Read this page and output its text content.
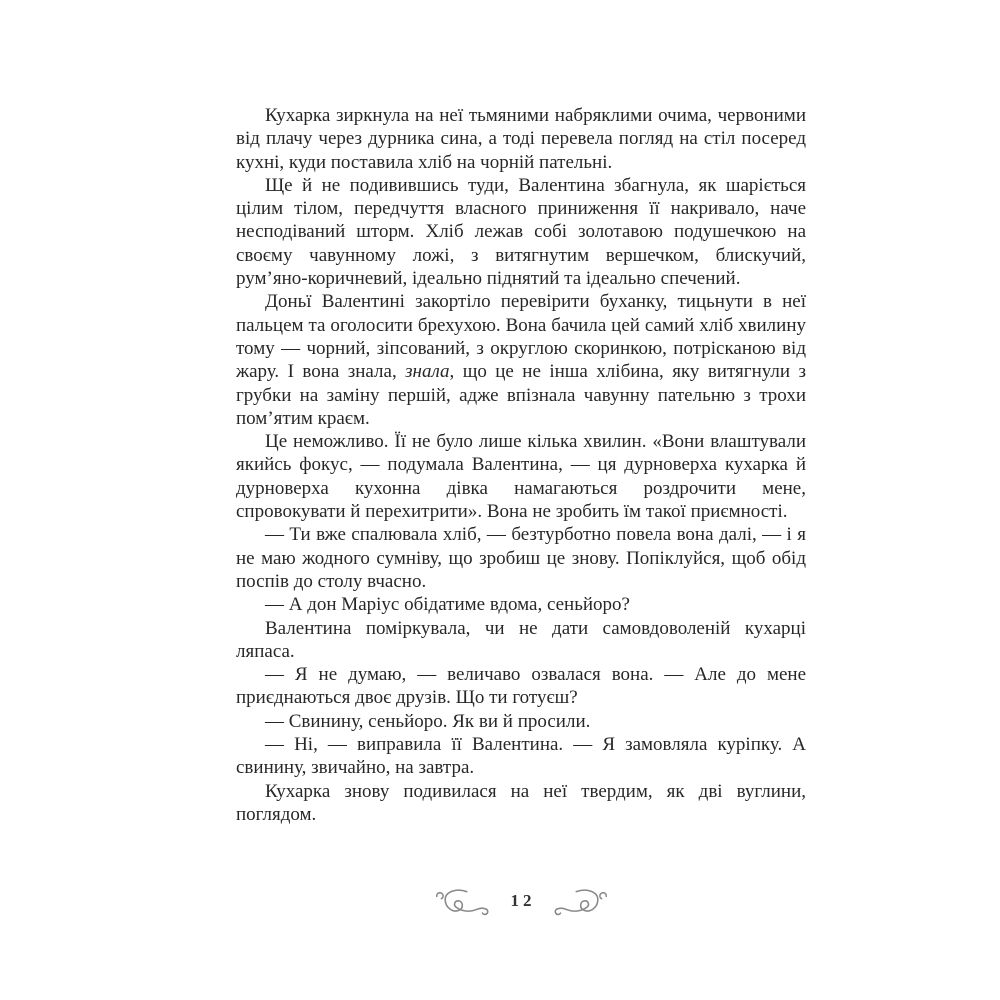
Кухарка зиркнула на неї тьмяними набряклими очима, червоними від плачу через дурника сина, а тоді перевела погляд на стіл посеред кухні, куди поставила хліб на чорній пательні.

Ще й не подивившись туди, Валентина збагнула, як шаріється цілим тілом, передчуття власного приниження її накривало, наче несподіваний шторм. Хліб лежав собі золотавою подушечкою на своєму чавунному ложі, з витягнутим вершечком, блискучий, рум’яно-коричневий, ідеально піднятий та ідеально спечений.

Доньї Валентині закортіло перевірити буханку, тицьнути в неї пальцем та оголосити брехухою. Вона бачила цей самий хліб хвилину тому — чорний, зіпсований, з округлою скоринкою, потрісканою від жару. І вона знала, знала, що це не інша хлібина, яку витягнули з грубки на заміну першій, адже впізнала чавунну пательню з трохи пом’ятим краєм.

Це неможливо. Її не було лише кілька хвилин. «Вони влаштували якийсь фокус, — подумала Валентина, — ця дурноверха кухарка й дурноверха кухонна дівка намагаються роздрочити мене, спровокувати й перехитрити». Вона не зробить їм такої приємності.

— Ти вже спалювала хліб, — безтурботно повела вона далі, — і я не маю жодного сумніву, що зробиш це знову. Попіклуйся, щоб обід поспів до столу вчасно.

— А дон Маріус обідатиме вдома, сеньйоро?

Валентина поміркувала, чи не дати самовдоволеній кухарці ляпаса.

— Я не думаю, — величаво озвалася вона. — Але до мене приєднаються двоє друзів. Що ти готуєш?

— Свинину, сеньйоро. Як ви й просили.

— Ні, — виправила її Валентина. — Я замовляла куріпку. А свинину, звичайно, на завтра.

Кухарка знову подивилася на неї твердим, як дві вуглини, поглядом.

12
